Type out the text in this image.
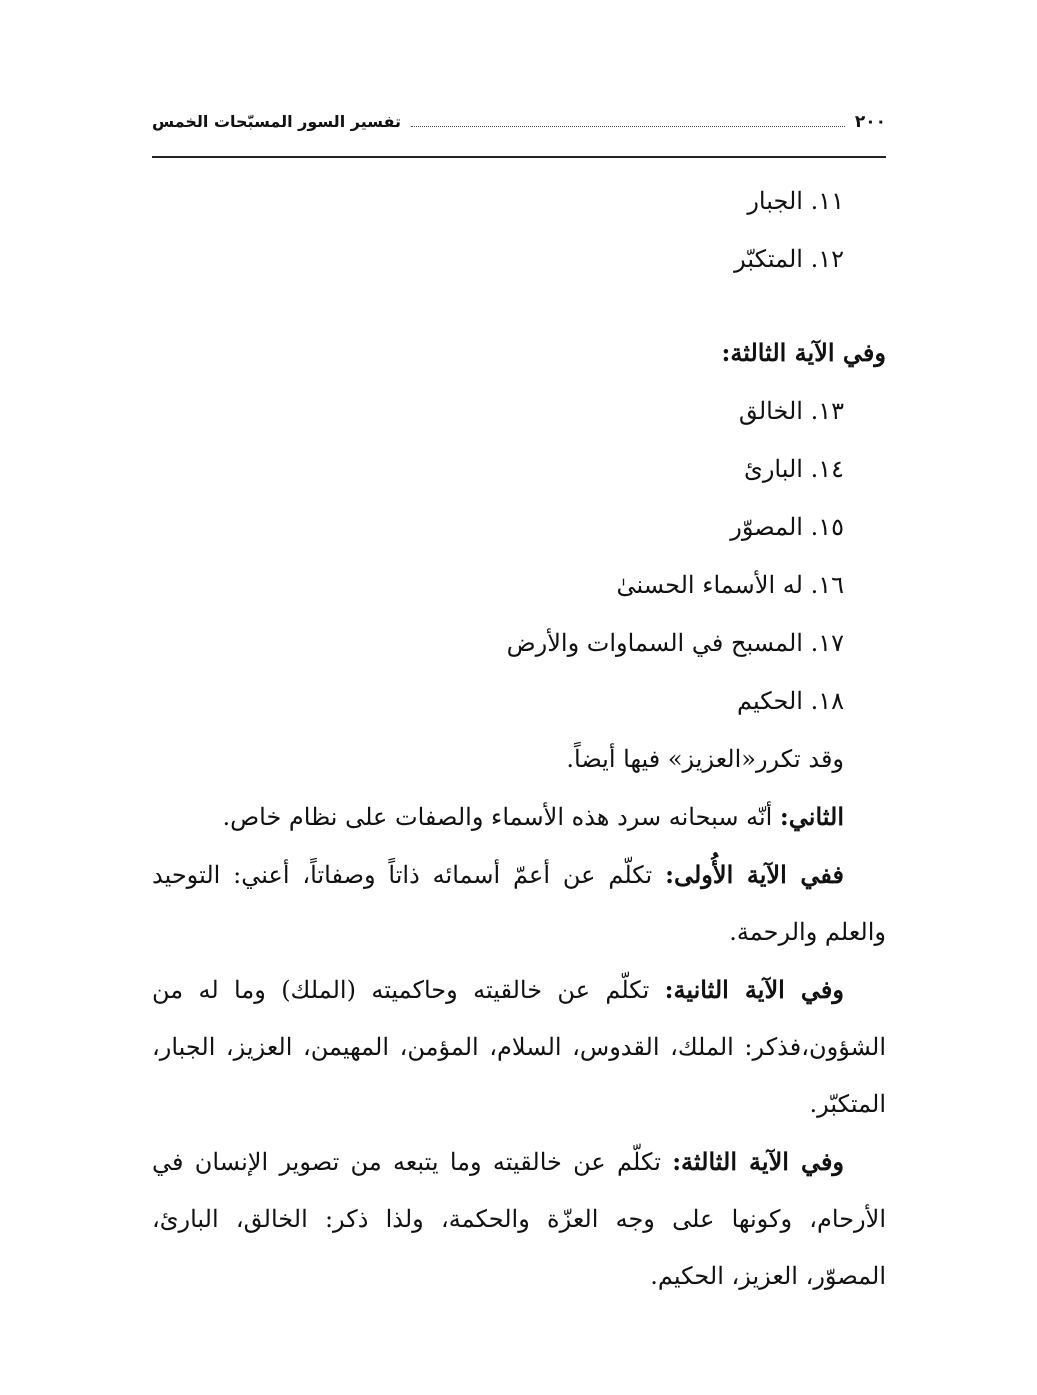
٢٠٠
تفسير السور المسبّحات الخمس
١١. الجبار
١٢. المتكبّر
وفي الآية الثالثة:
١٣. الخالق
١٤. البارئ
١٥. المصوّر
١٦. له الأسماء الحسنىٰ
١٧. المسبح في السماوات والأرض
١٨. الحكيم
وقد تكرر«العزيز» فيها أيضاً.

الثاني: أنّه سبحانه سرد هذه الأسماء والصفات على نظام خاص.

ففي الآية الأُولى: تكلّم عن أعمّ أسمائه ذاتاً وصفاتاً، أعني: التوحيد والعلم والرحمة.

وفي الآية الثانية: تكلّم عن خالقيته وحاكميته (الملك) وما له من الشؤون،فذكر: الملك، القدوس، السلام، المؤمن، المهيمن، العزيز، الجبار، المتكبّر.

وفي الآية الثالثة: تكلّم عن خالقيته وما يتبعه من تصوير الإنسان في الأرحام، وكونها على وجه العزّة والحكمة، ولذا ذكر: الخالق، البارئ، المصوّر، العزيز، الحكيم.
